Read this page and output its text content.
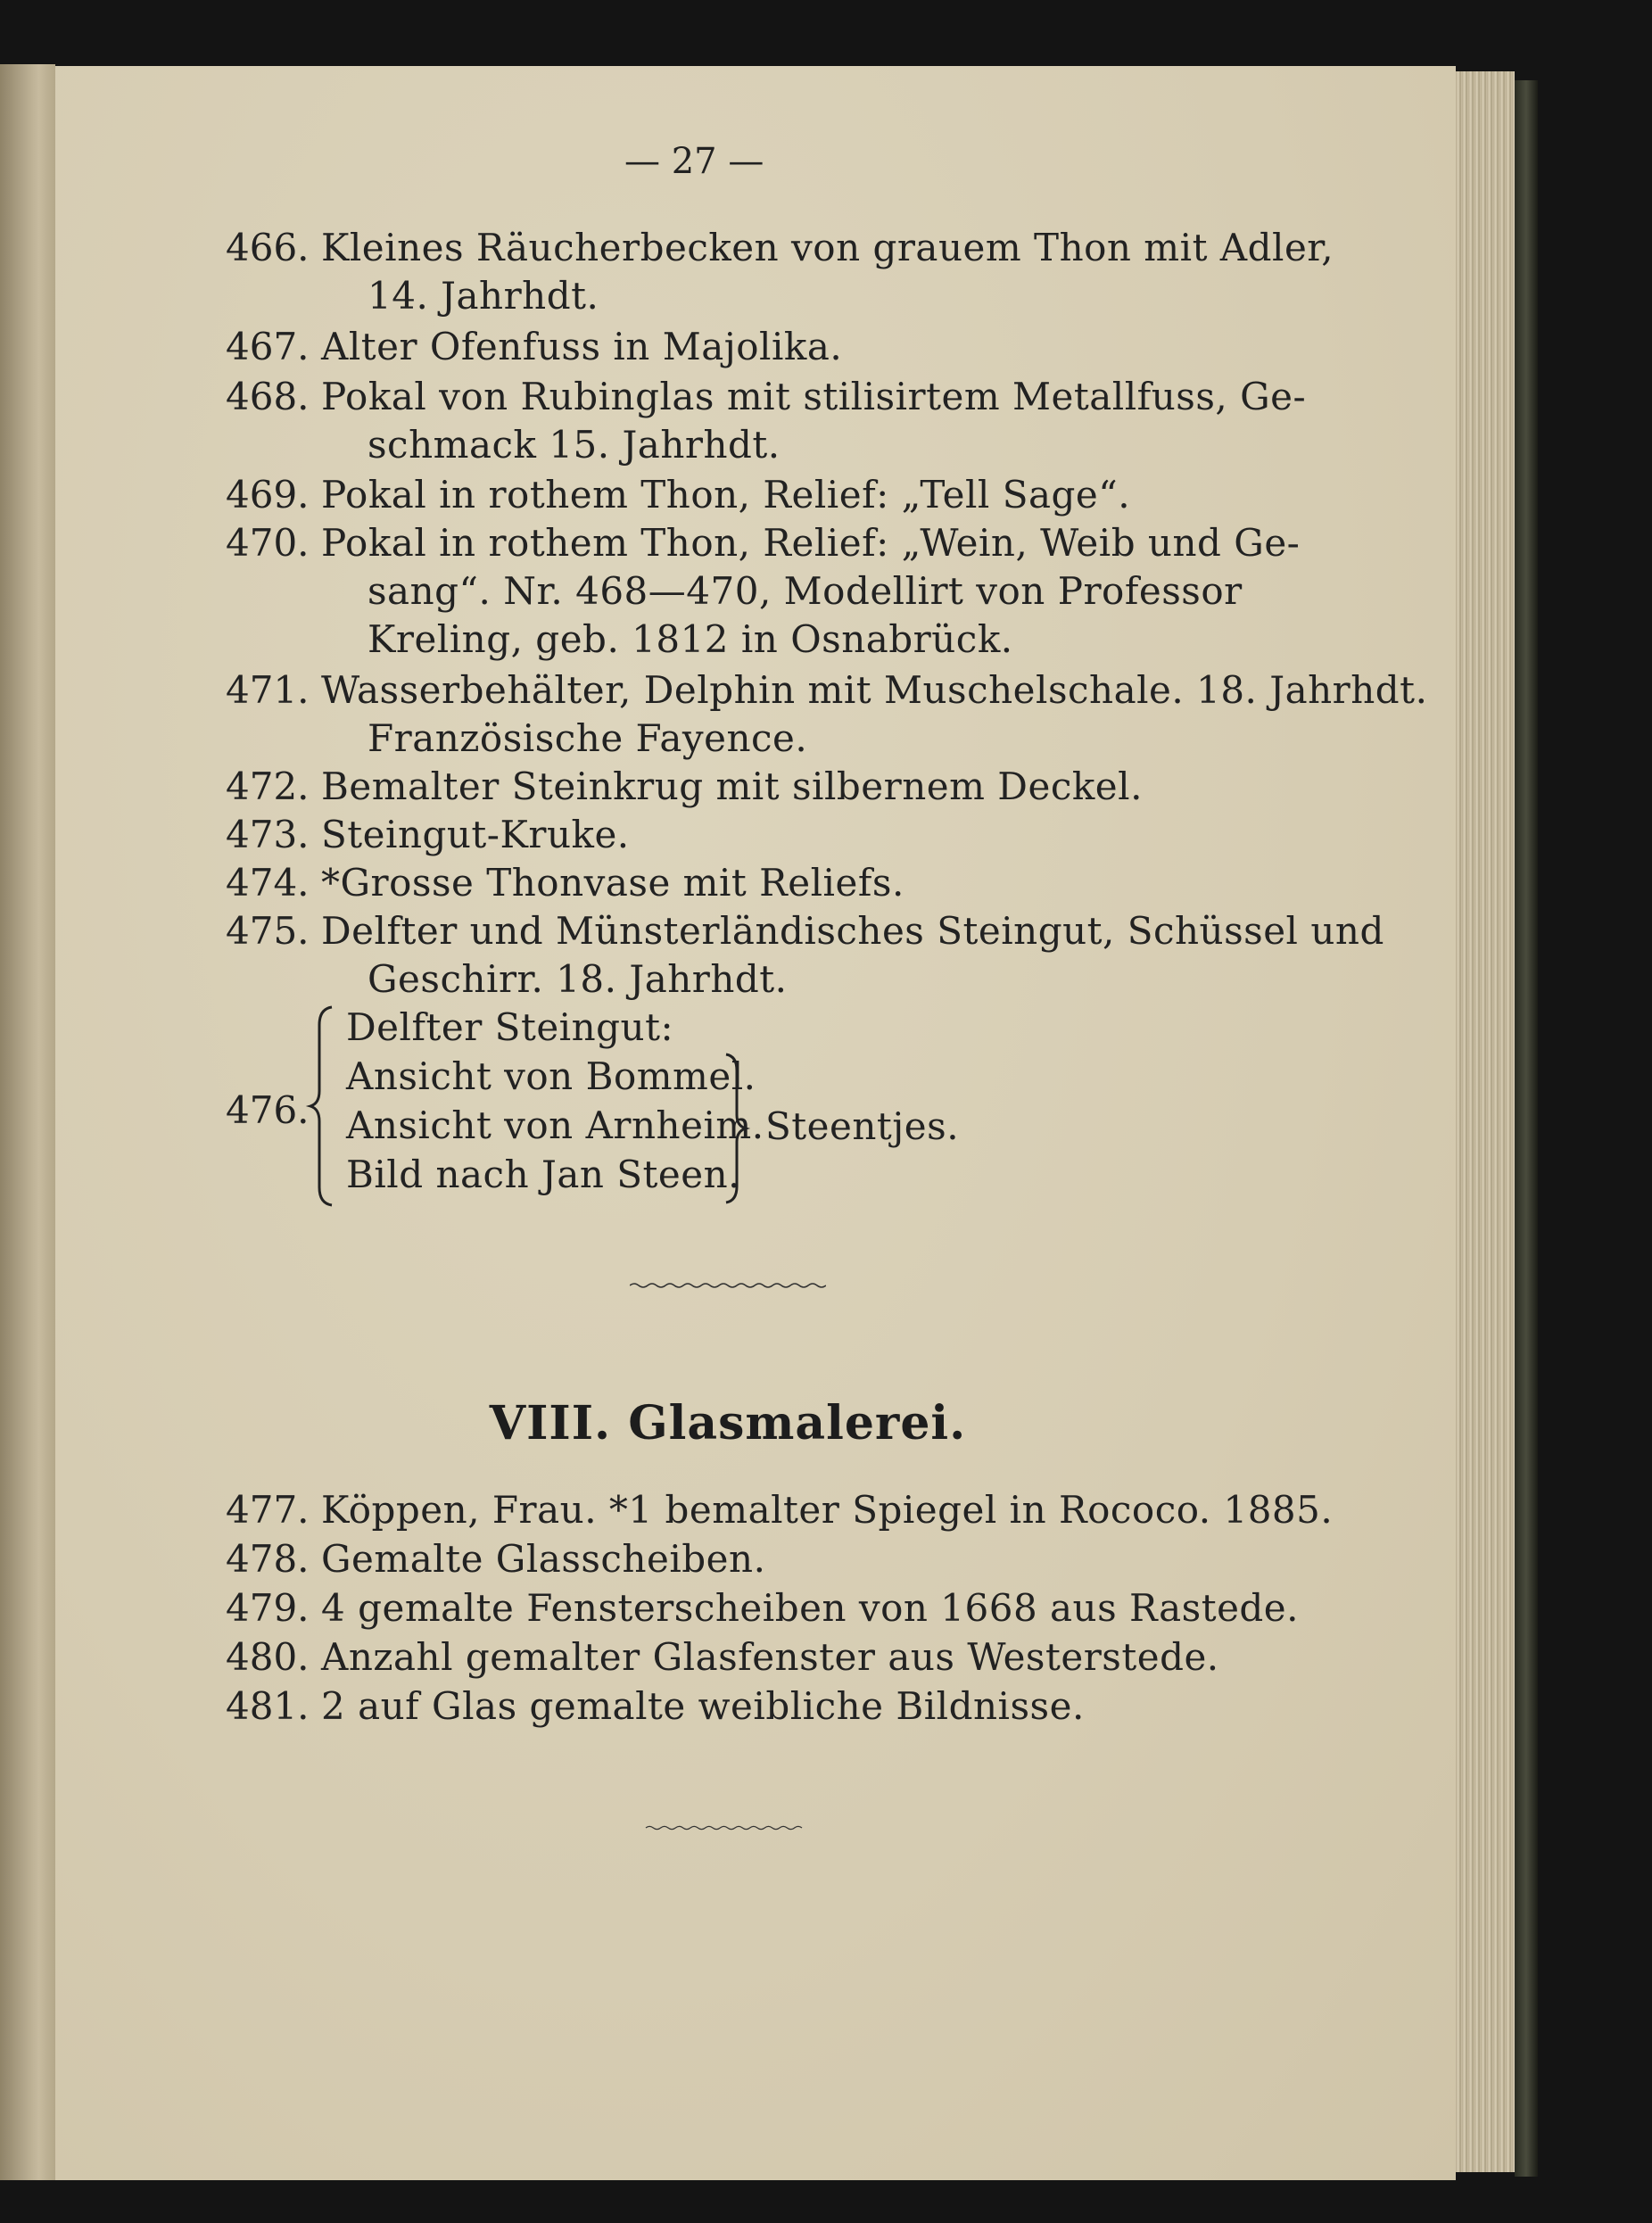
— 27 —
466. Kleines Räucherbecken von grauem Thon mit Adler,
14. Jahrhdt.
467. Alter Ofenfuss in Majolika.
468. Pokal von Rubinglas mit stilisirtem Metallfuss, Ge-
schmack 15. Jahrhdt.
469. Pokal in rothem Thon, Relief: „Tell Sage“.
470. Pokal in rothem Thon, Relief: „Wein, Weib und Ge-
sang“. Nr. 468—470, Modellirt von Professor
Kreling, geb. 1812 in Osnabrück.
471. Wasserbehälter, Delphin mit Muschelschale. 18. Jahrhdt.
Französische Fayence.
472. Bemalter Steinkrug mit silbernem Deckel.
473. Steingut-Kruke.
474. *Grosse Thonvase mit Reliefs.
475. Delfter und Münsterländisches Steingut, Schüssel und
Geschirr. 18. Jahrhdt.
476.
Delfter Steingut:
Ansicht von Bommel.
Ansicht von Arnheim.
Bild nach Jan Steen.
Steentjes.
VIII. Glasmalerei.
477. Köppen, Frau. *1 bemalter Spiegel in Rococo. 1885.
478. Gemalte Glasscheiben.
479. 4 gemalte Fensterscheiben von 1668 aus Rastede.
480. Anzahl gemalter Glasfenster aus Westerstede.
481. 2 auf Glas gemalte weibliche Bildnisse.
